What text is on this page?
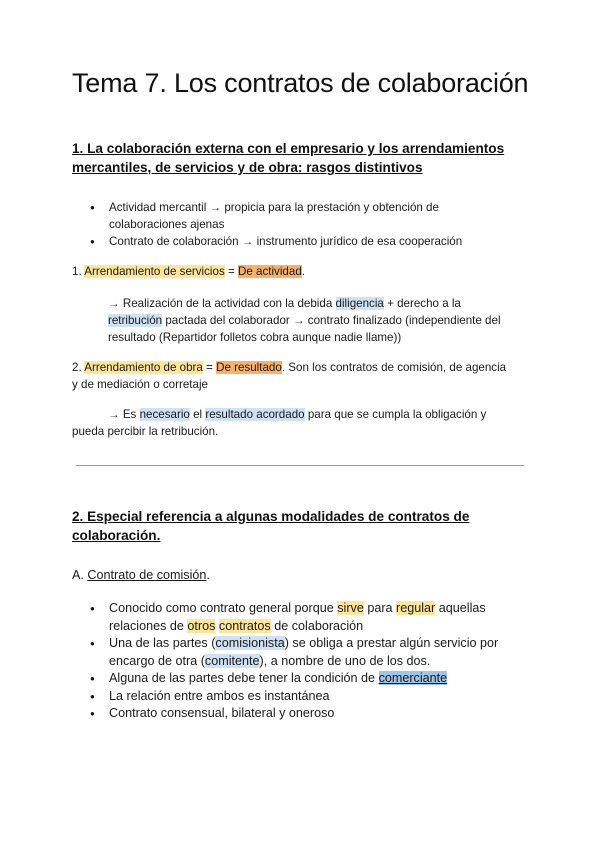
Tema 7. Los contratos de colaboración
1. La colaboración externa con el empresario y los arrendamientos
mercantiles, de servicios y de obra: rasgos distintivos
● Actividad mercantil → propicia para la prestación y obtención de
colaboraciones ajenas
● Contrato de colaboración → instrumento jurídico de esa cooperación
1. Arrendamiento de servicios = De actividad.
→ Realización de la actividad con la debida diligencia + derecho a la
retribución pactada del colaborador → contrato finalizado (independiente del
resultado (Repartidor folletos cobra aunque nadie llame))
2. Arrendamiento de obra = De resultado. Son los contratos de comisión, de agencia
y de mediación o corretaje
→ Es necesario el resultado acordado para que se cumpla la obligación y
pueda percibir la retribución.
2. Especial referencia a algunas modalidades de contratos de
colaboración.
A. Contrato de comisión.
● Conocido como contrato general porque sirve para regular aquellas
relaciones de otros contratos de colaboración
● Una de las partes (comisionista) se obliga a prestar algún servicio por
encargo de otra (comitente), a nombre de uno de los dos.
● Alguna de las partes debe tener la condición de comerciante
● La relación entre ambos es instantánea
● Contrato consensual, bilateral y oneroso
